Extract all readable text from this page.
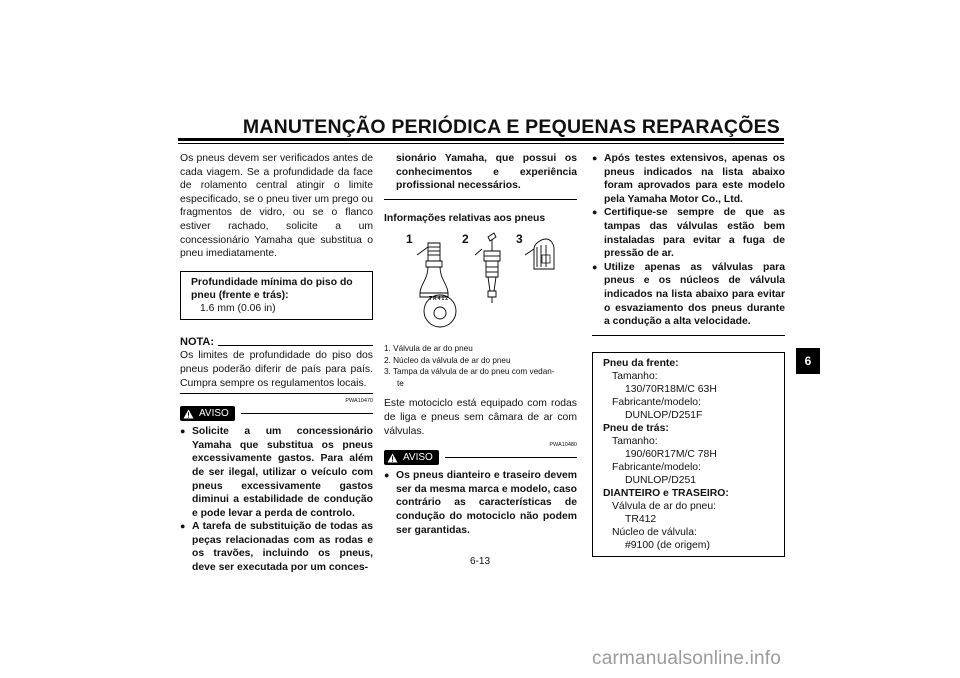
MANUTENÇÃO PERIÓDICA E PEQUENAS REPARAÇÕES

Os pneus devem ser verificados antes de cada viagem. Se a profundidade da face de rolamento central atingir o limite especificado, se o pneu tiver um prego ou fragmentos de vidro, ou se o flanco estiver rachado, solicite a um concessionário Yamaha que substitua o pneu imediatamente.

Profundidade mínima do piso do pneu (frente e trás):
1.6 mm (0.06 in)
NOTA:

Os limites de profundidade do piso dos pneus poderão diferir de país para país. Cumpra sempre os regulamentos locais.

PWA10470
AVISO
● Solicite a um concessionário Yamaha que substitua os pneus excessivamente gastos. Para além de ser ilegal, utilizar o veículo com pneus excessivamente gastos diminui a estabilidade de condução e pode levar a perda de controlo.
● A tarefa de substituição de todas as peças relacionadas com as rodas e os travões, incluindo os pneus, deve ser executada por um conces-

sionário Yamaha, que possui os conhecimentos e experiência profissional necessários.

Informações relativas aos pneus
1	2	3
TR412
1. Válvula de ar do pneu
2. Núcleo da válvula de ar do pneu
3. Tampa da válvula de ar do pneu com vedan-
te

Este motociclo está equipado com rodas de liga e pneus sem câmara de ar com válvulas.

PWA10480
AVISO
● Os pneus dianteiro e traseiro devem ser da mesma marca e modelo, caso contrário as características de condução do motociclo não podem ser garantidas.
● Após testes extensivos, apenas os pneus indicados na lista abaixo foram aprovados para este modelo pela Yamaha Motor Co., Ltd.
● Certifique-se sempre de que as tampas das válvulas estão bem instaladas para evitar a fuga de pressão de ar.
● Utilize apenas as válvulas para pneus e os núcleos de válvula indicados na lista abaixo para evitar o esvaziamento dos pneus durante a condução a alta velocidade.
Pneu da frente:
Tamanho:
130/70R18M/C 63H
Fabricante/modelo:
DUNLOP/D251F
Pneu de trás:
Tamanho:
190/60R17M/C 78H
Fabricante/modelo:
DUNLOP/D251
DIANTEIRO e TRASEIRO:
Válvula de ar do pneu:
TR412
Núcleo de válvula:
#9100 (de origem)
6
6-13
carmanualsonline.info
